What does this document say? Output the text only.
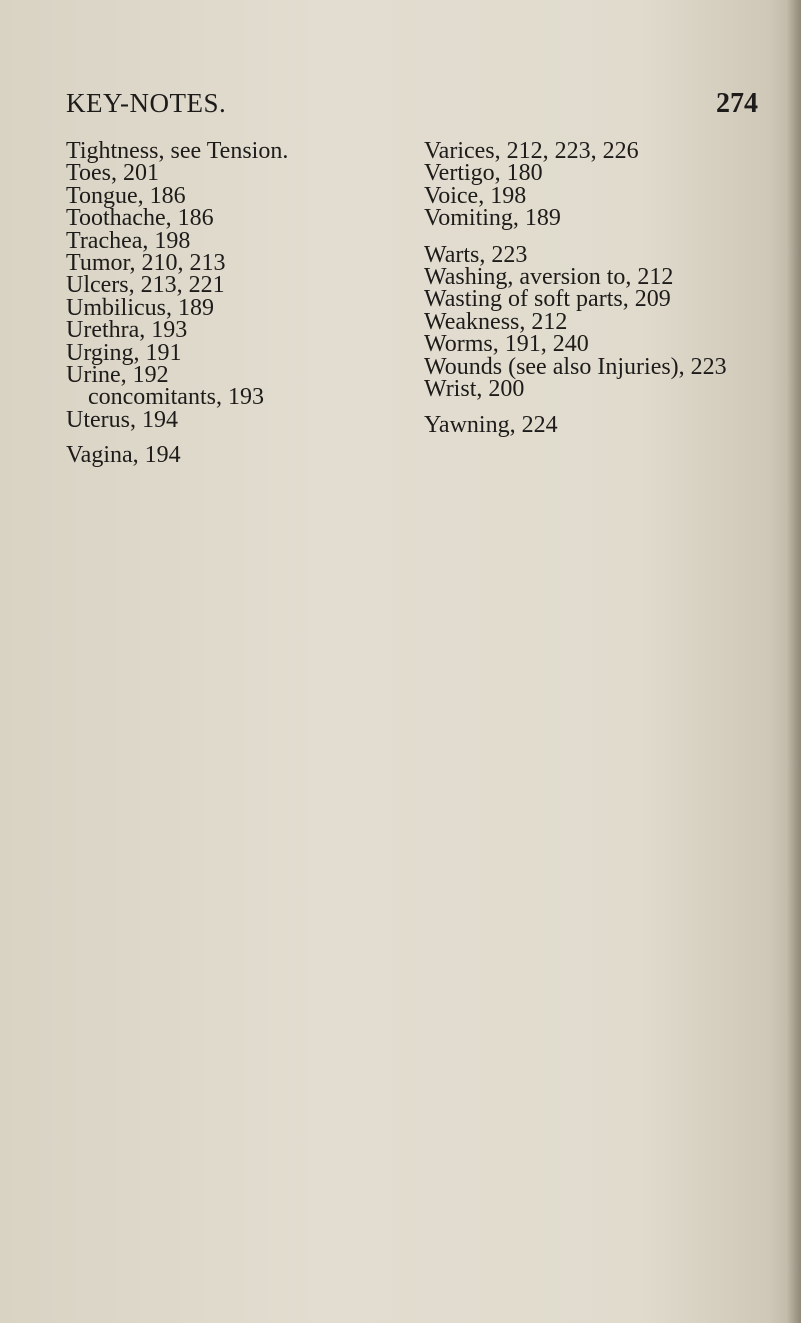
KEY-NOTES.	274
Tightness, see Tension.
Toes, 201
Tongue, 186
Toothache, 186
Trachea, 198
Tumor, 210, 213
Ulcers, 213, 221
Umbilicus, 189
Urethra, 193
Urging, 191
Urine, 192
concomitants, 193
Uterus, 194
Vagina, 194
Varices, 212, 223, 226
Vertigo, 180
Voice, 198
Vomiting, 189
Warts, 223
Washing, aversion to, 212
Wasting of soft parts, 209
Weakness, 212
Worms, 191, 240
Wounds (see also Injuries), 223
Wrist, 200
Yawning, 224
